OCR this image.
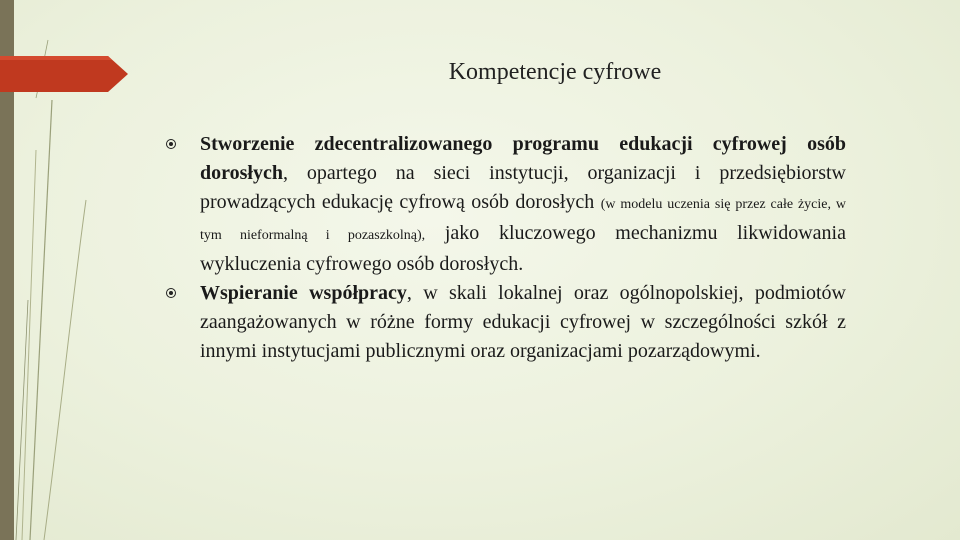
Kompetencje cyfrowe

Stworzenie zdecentralizowanego programu edukacji cyfrowej osób dorosłych, opartego na sieci instytucji, organizacji i przedsiębiorstw prowadzących edukację cyfrową osób dorosłych (w modelu uczenia się przez całe życie, w tym nieformalną i pozaszkolną), jako kluczowego mechanizmu likwidowania wykluczenia cyfrowego osób dorosłych.

Wspieranie współpracy, w skali lokalnej oraz ogólnopolskiej, podmiotów zaangażowanych w różne formy edukacji cyfrowej w szczególności szkół z innymi instytucjami publicznymi oraz organizacjami pozarządowymi.
